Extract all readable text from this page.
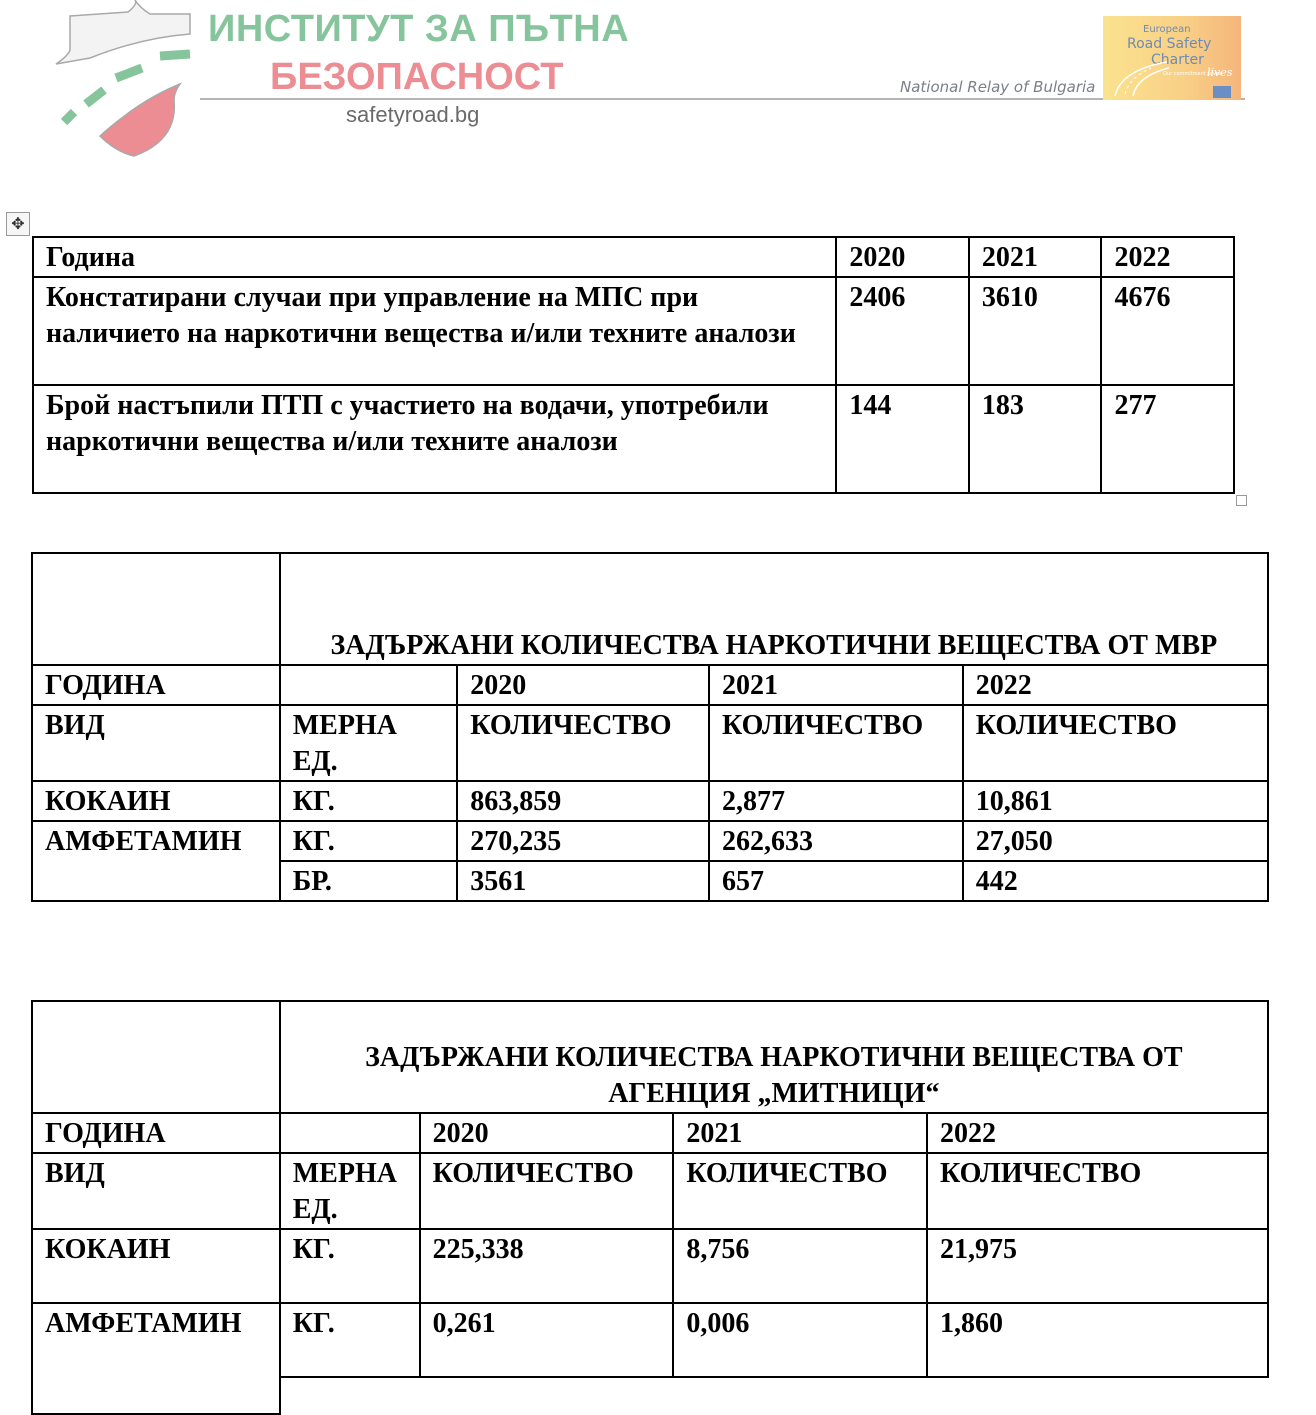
ИНСТИТУТ ЗА ПЪТНА
БЕЗОПАСНОСТ
safetyroad.bg
National Relay of Bulgaria
European
Road Safety
Charter
Our commitment saves
lives
✥
Година	2020	2021	2022
Констатирани случаи при управление на МПС при наличието на наркотични вещества и/или техните аналози	2406	3610	4676
Брой настъпили ПТП с участието на водачи, употребили наркотични вещества и/или техните аналози	144	183	277
	ЗАДЪРЖАНИ КОЛИЧЕСТВА НАРКОТИЧНИ ВЕЩЕСТВА ОТ МВР			
ГОДИНА		2020	2021	2022
ВИД	МЕРНА ЕД.	КОЛИЧЕСТВО	КОЛИЧЕСТВО	КОЛИЧЕСТВО
КОКАИН	КГ.	863,859	2,877	10,861
АМФЕТАМИН	КГ.	270,235	262,633	27,050
	БР.	3561	657	442
	ЗАДЪРЖАНИ КОЛИЧЕСТВА НАРКОТИЧНИ ВЕЩЕСТВА ОТ АГЕНЦИЯ „МИТНИЦИ“			
ГОДИНА		2020	2021	2022
ВИД	МЕРНА ЕД.	КОЛИЧЕСТВО	КОЛИЧЕСТВО	КОЛИЧЕСТВО
КОКАИН	КГ.	225,338	8,756	21,975
АМФЕТАМИН	КГ.	0,261	0,006	1,860
